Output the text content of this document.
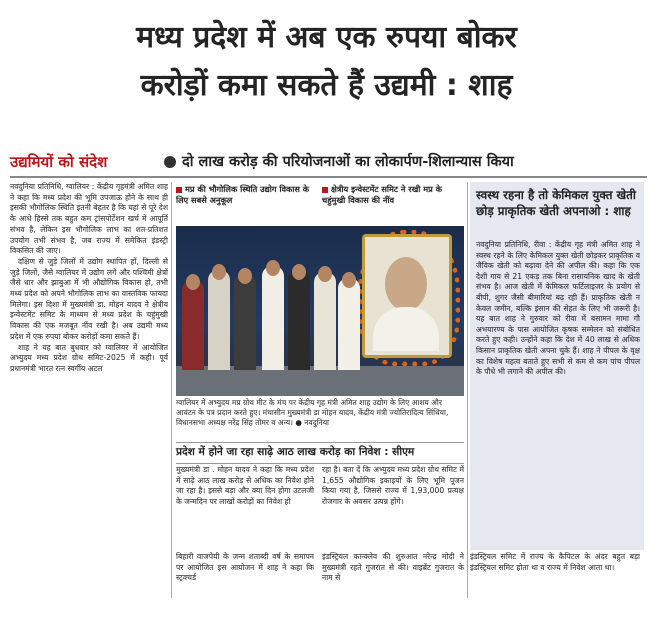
मध्य प्रदेश में अब एक रुपया बोकर
करोड़ों कमा सकते हैं उद्यमी : शाह
उद्यमियों को संदेश	दो लाख करोड़ की परियोजनाओं का लोकार्पण-शिलान्यास किया

नवदुनिया प्रतिनिधि, ग्वालियर : केंद्रीय गृहमंत्री अमित शाह ने कहा कि मध्य प्रदेश की भूमि उपजाऊ होने के साथ ही इसकी भौगोलिक स्थिति इतनी बेहतर है कि यहां से पूरे देश के आधे हिस्से तक बहुत कम ट्रांसपोर्टेशन खर्च में आपूर्ति संभव है, लेकिन इस भौगोलिक लाभ का शत-प्रतिशत उपयोग तभी संभव है, जब राज्य में समेकित इंडस्ट्री विकसित की जाए।

दक्षिण से जुड़े जिलों में उद्योग स्थापित हों, दिल्ली से जुड़े जिलों, जैसे ग्वालियर में उद्योग लगें और पश्चिमी क्षेत्रों जैसे धार और झाबुआ में भी औद्योगिक विकास हो, तभी मध्य प्रदेश को अपने भौगोलिक लाभ का वास्तविक फायदा मिलेगा। इस दिशा में मुख्यमंत्री डा. मोहन यादव ने क्षेत्रीय इन्वेस्टमेंट समिट के माध्यम से मध्य प्रदेश के चहुंमुखी विकास की एक मजबूत नींव रखी है। अब उद्यमी मध्य प्रदेश में एक रुपया बोकर करोड़ों कमा सकते हैं।

शाह ने यह बात बुधवार को ग्वालियर में आयोजित अभ्युदय मध्य प्रदेश ग्रोथ समिट-2025 में कही। पूर्व प्रधानमंत्री भारत रत्न स्वर्गीय अटल

मप्र की भौगोलिक स्थिति उद्योग विकास के लिए सबसे अनुकूल
क्षेत्रीय इन्वेस्टमेंट समिट ने रखी मप्र के चहुंमुखी विकास की नींव
ग्वालियर में अभ्युदय मप्र ग्रोथ मीट के मंच पर केंद्रीय गृह मंत्री अमित शाह उद्योग के लिए आशय और आवंटन के पत्र प्रदान करते हुए। मंचासीन मुख्यमंत्री डा मोहन यादव, केंद्रीय मंत्री ज्योतिरादित्य सिंधिया, विधानसभा अध्यक्ष नरेंद्र सिंह तोमर व अन्य। ● नवदुनिया
प्रदेश में होने जा रहा साढ़े आठ लाख करोड़ का निवेश : सीएम

मुख्यमंत्री डा . मोहन यादव ने कहा कि मध्य प्रदेश में साढ़े आठ लाख करोड़ से अधिक का निवेश होने जा रहा है। इससे बड़ा और क्या दिन होगा उटलजी के जन्मदिन पर लाखों करोड़ों का निवेश हो

रहा है। बता दें कि अभ्युदय मध्य प्रदेश ग्रोथ समिट में 1,655 औद्योगिक इकाइयों के लिए भूमि पूजन किया गया है, जिससे राज्य में 1,93,000 प्रत्यक्ष रोजगार के अवसर उत्पन्न होंगे।

स्वस्थ रहना है तो केमिकल युक्त खेती छोड़ प्राकृतिक खेती अपनाओ : शाह

नवदुनिया प्रतिनिधि, रीवा : केंद्रीय गृह मंत्री अमित शाह ने स्वस्थ रहने के लिए केमिकल युक्त खेती छोड़कर प्राकृतिक व जैविक खेती को बढ़ावा देने की अपील की। कहा कि एक देशी गाय से 21 एकड़ तक बिना रासायनिक खाद के खेती संभव है। आज खेती में केमिकल फर्टिलाइजर के प्रयोग से बीपी, शुगर जैसी बीमारियां बढ़ रही हैं। प्राकृतिक खेती न केवल जमीन, बल्कि इंसान की सेहत के लिए भी जरूरी है। यह बात शाह ने गुरुवार को रीवा में बसामन मामा गौ अभयारण्य के पास आयोजित कृषक सम्मेलन को संबोधित करते हुए कही। उन्होंने कहा कि देश में 40 लाख से अधिक किसान प्राकृतिक खेती अपना चुके हैं। शाह ने पीपल के वृक्ष का विशेष महत्व बताते हुए सभी से कम से कम पांच पीपल के पौधे भी लगाने की अपील की।

बिहारी वाजपेयी के जन्म शताब्दी वर्ष के समापन पर आयोजित इस आयोजन में शाह ने कहा कि स्ट्रक्चर्ड
इंडस्ट्रियल कान्क्लेव की शुरुआत नरेन्द्र मोदी ने मुख्यमंत्री रहते गुजरात से की। वाइब्रेंट गुजरात के नाम से
इंडस्ट्रियल समिट में राज्य के कैपिटल के अंदर बहुत बड़ा इंडस्ट्रियल समिट होता था व राज्य में निवेश आता था।
